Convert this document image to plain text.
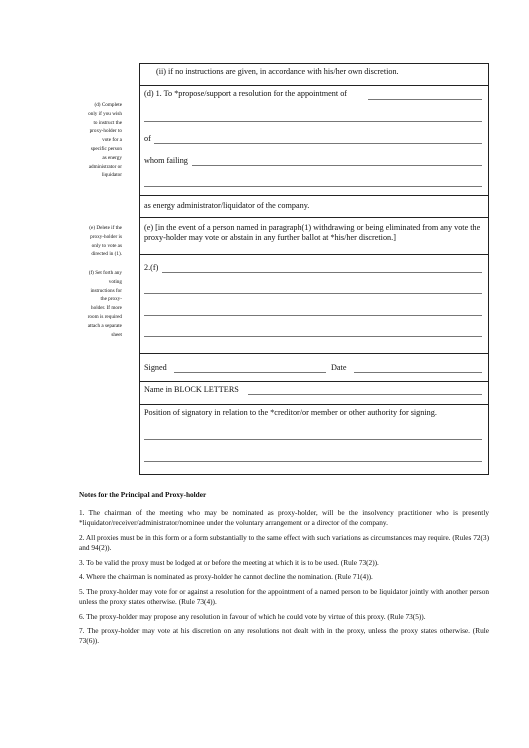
(d) Complete
only if you wish
to instruct the
proxy-holder to
vote for a
specific person
as energy
administrator or
liquidator
(e) Delete if the
proxy-holder is
only to vote as
directed in (1).
(f) Set forth any
voting
instructions for
the proxy-
holder. If more
room is required
attach a separate
sheet
(ii) if no instructions are given, in accordance with his/her own discretion.
(d) 1. To *propose/support a resolution for the appointment of
of
whom failing
as energy administrator/liquidator of the company.
(e) [in the event of a person named in paragraph(1) withdrawing or being eliminated from any vote the proxy-holder may vote or abstain in any further ballot at *his/her discretion.]
2.(f)
Signed	Date
Name in BLOCK LETTERS
Position of signatory in relation to the *creditor/or member or other authority for signing.
Notes for the Principal and Proxy-holder

1. The chairman of the meeting who may be nominated as proxy-holder, will be the insolvency practitioner who is presently *liquidator/receiver/administrator/nominee under the voluntary arrangement or a director of the company.

2. All proxies must be in this form or a form substantially to the same effect with such variations as circumstances may require. (Rules 72(3) and 94(2)).

3. To be valid the proxy must be lodged at or before the meeting at which it is to be used. (Rule 73(2)).

4. Where the chairman is nominated as proxy-holder he cannot decline the nomination. (Rule 71(4)).

5. The proxy-holder may vote for or against a resolution for the appointment of a named person to be liquidator jointly with another person unless the proxy states otherwise. (Rule 73(4)).

6. The proxy-holder may propose any resolution in favour of which he could vote by virtue of this proxy. (Rule 73(5)).

7. The proxy-holder may vote at his discretion on any resolutions not dealt with in the proxy, unless the proxy states otherwise. (Rule 73(6)).
